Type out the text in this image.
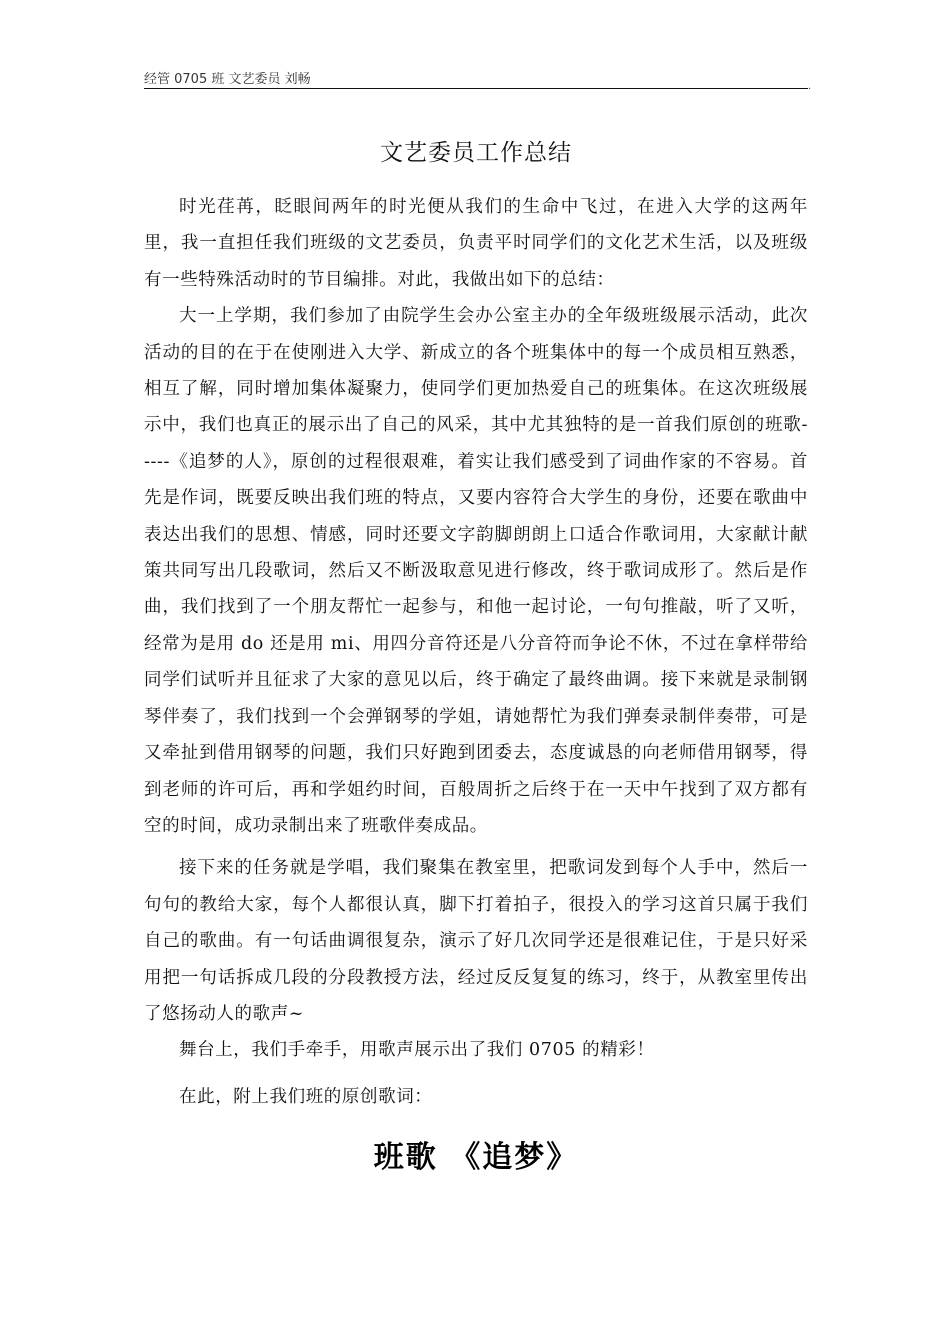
经管 0705 班 文艺委员 刘畅	.
文艺委员工作总结

时光荏苒，眨眼间两年的时光便从我们的生命中飞过，在进入大学的这两年里，我一直担任我们班级的文艺委员，负责平时同学们的文化艺术生活，以及班级有一些特殊活动时的节目编排。对此，我做出如下的总结：

大一上学期，我们参加了由院学生会办公室主办的全年级班级展示活动，此次活动的目的在于在使刚进入大学、新成立的各个班集体中的每一个成员相互熟悉，相互了解，同时增加集体凝聚力，使同学们更加热爱自己的班集体。在这次班级展示中，我们也真正的展示出了自己的风采，其中尤其独特的是一首我们原创的班歌-----《追梦的人》，原创的过程很艰难，着实让我们感受到了词曲作家的不容易。首先是作词，既要反映出我们班的特点，又要内容符合大学生的身份，还要在歌曲中表达出我们的思想、情感，同时还要文字韵脚朗朗上口适合作歌词用，大家献计献策共同写出几段歌词，然后又不断汲取意见进行修改，终于歌词成形了。然后是作曲，我们找到了一个朋友帮忙一起参与，和他一起讨论，一句句推敲，听了又听，经常为是用 do 还是用 mi、用四分音符还是八分音符而争论不休，不过在拿样带给同学们试听并且征求了大家的意见以后，终于确定了最终曲调。接下来就是录制钢琴伴奏了，我们找到一个会弹钢琴的学姐，请她帮忙为我们弹奏录制伴奏带，可是又牵扯到借用钢琴的问题，我们只好跑到团委去，态度诚恳的向老师借用钢琴，得到老师的许可后，再和学姐约时间，百般周折之后终于在一天中午找到了双方都有空的时间，成功录制出来了班歌伴奏成品。

接下来的任务就是学唱，我们聚集在教室里，把歌词发到每个人手中，然后一句句的教给大家，每个人都很认真，脚下打着拍子，很投入的学习这首只属于我们自己的歌曲。有一句话曲调很复杂，演示了好几次同学还是很难记住，于是只好采用把一句话拆成几段的分段教授方法，经过反反复复的练习，终于，从教室里传出了悠扬动人的歌声~

舞台上，我们手牵手，用歌声展示出了我们 0705 的精彩！

在此，附上我们班的原创歌词：

班歌 《追梦》
